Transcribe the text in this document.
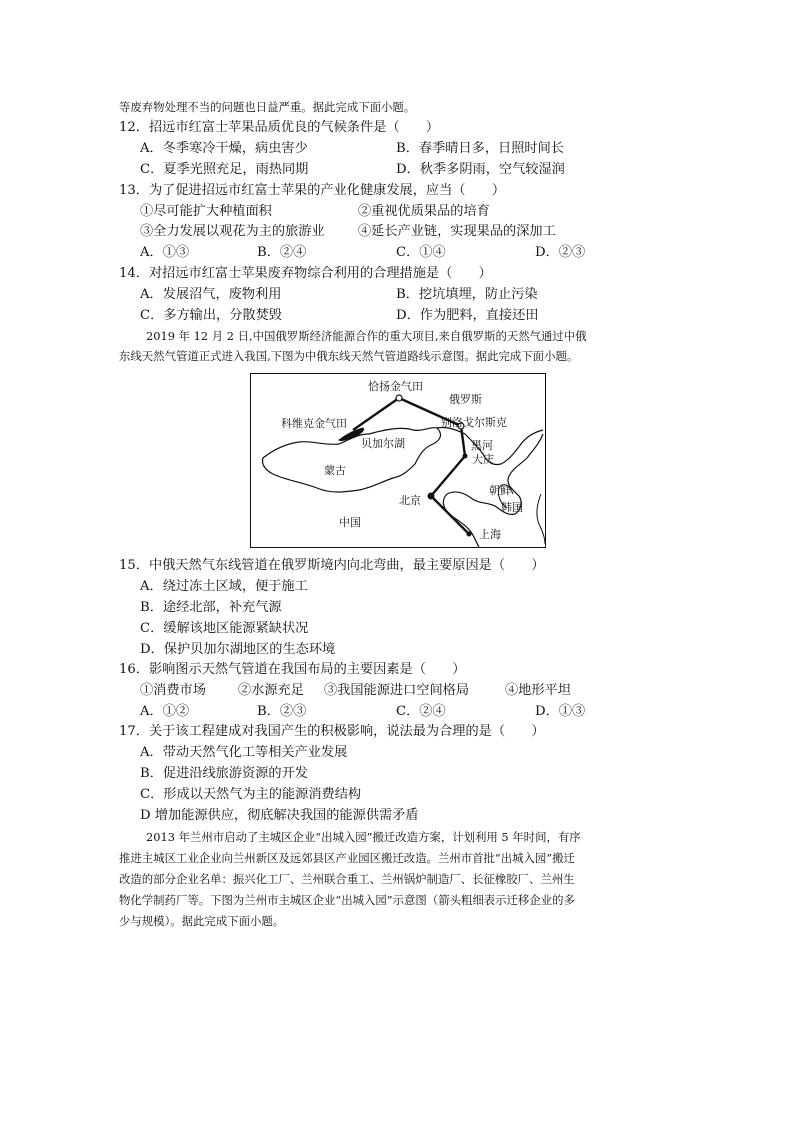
等废弃物处理不当的问题也日益严重。据此完成下面小题。
12．招远市红富士苹果品质优良的气候条件是（　　）
A．冬季寒冷干燥，病虫害少	B．春季晴日多，日照时间长
C．夏季光照充足，雨热同期	D．秋季多阴雨，空气较湿润
13．为了促进招远市红富士苹果的产业化健康发展，应当（　　）
①尽可能扩大种植面积	②重视优质果品的培育
③全力发展以观花为主的旅游业	④延长产业链，实现果品的深加工
A．①③	B．②④	C．①④	D．②③
14．对招远市红富士苹果废弃物综合利用的合理措施是（　　）
A．发展沼气，废物利用	B．挖坑填埋，防止污染
C．多方输出，分散焚毁	D．作为肥料，直接还田
2019 年 12 月 2 日,中国俄罗斯经济能源合作的重大项目,来自俄罗斯的天然气通过中俄
东线天然气管道正式进入我国,下图为中俄东线天然气管道路线示意图。据此完成下面小题。
恰扬金气田
俄罗斯
科维克金气田	别洛戈尔斯克
贝加尔湖	黑河
大庆
蒙古
朝鲜
北京
韩国
中国
上海
15．中俄天然气东线管道在俄罗斯境内向北弯曲，最主要原因是（　　）
A．绕过冻土区域，便于施工
B．途经北部，补充气源
C．缓解该地区能源紧缺状况
D．保护贝加尔湖地区的生态环境
16．影响图示天然气管道在我国布局的主要因素是（　　）
①消费市场 ②水源充足 ③我国能源进口空间格局	④地形平坦
A．①②	B．②③	C．②④	D．①③
17．关于该工程建成对我国产生的积极影响，说法最为合理的是（　　）
A．带动天然气化工等相关产业发展
B．促进沿线旅游资源的开发
C．形成以天然气为主的能源消费结构
D 增加能源供应，彻底解决我国的能源供需矛盾
2013 年兰州市启动了主城区企业“出城入园”搬迁改造方案，计划利用 5 年时间，有序
推进主城区工业企业向兰州新区及远郊县区产业园区搬迁改造。兰州市首批“出城入园”搬迁
改造的部分企业名单：振兴化工厂、兰州联合重工、兰州锅炉制造厂、长征橡胶厂、兰州生
物化学制药厂等。下图为兰州市主城区企业“出城入园”示意图（箭头粗细表示迁移企业的多
少与规模）。据此完成下面小题。
